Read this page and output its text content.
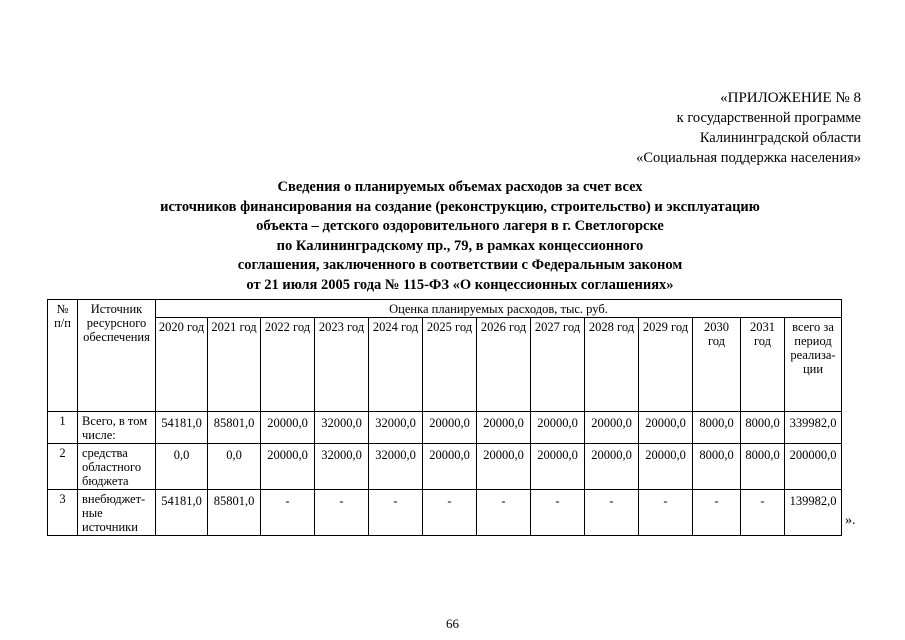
«ПРИЛОЖЕНИЕ № 8
к государственной программе
Калининградской области
«Социальная поддержка населения»
Сведения о планируемых объемах расходов за счет всех
источников финансирования на создание (реконструкцию, строительство) и эксплуатацию
объекта – детского оздоровительного лагеря в г. Светлогорске
по Калининградскому пр., 79, в рамках концессионного
соглашения, заключенного в соответствии с Федеральным законом
от 21 июля 2005 года № 115-ФЗ «О концессионных соглашениях»
№ п/п	Источник ресурсного обеспечения	Оценка планируемых расходов, тыс. руб.												
		2020 год	2021 год	2022 год	2023 год	2024 год	2025 год	2026 год	2027 год	2028 год	2029 год	2030 год	2031 год	всего за период реализа- ции
1	Всего, в том числе:	54181,0	85801,0	20000,0	32000,0	32000,0	20000,0	20000,0	20000,0	20000,0	20000,0	8000,0	8000,0	339982,0
2	средства областного бюджета	0,0	0,0	20000,0	32000,0	32000,0	20000,0	20000,0	20000,0	20000,0	20000,0	8000,0	8000,0	200000,0
3	внебюджет- ные источники	54181,0	85801,0	-	-	-	-	-	-	-	-	-	-	139982,0
».
66
